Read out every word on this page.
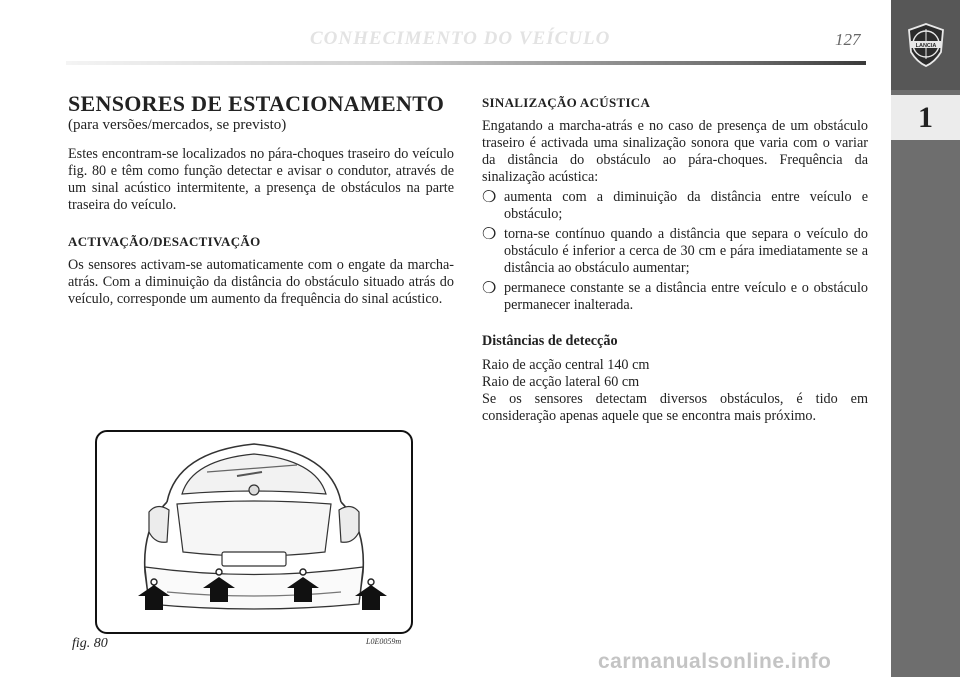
CONHECIMENTO DO VEÍCULO	127	LANCIA
1
SENSORES DE ESTACIONAMENTO
(para versões/mercados, se previsto)

Estes encontram-se localizados no pára-choques traseiro do veículo fig. 80 e têm como função detectar e avisar o condutor, através de um sinal acústico intermitente, a presença de obstáculos na parte traseira do veículo.

ACTIVAÇÃO/DESACTIVAÇÃO

Os sensores activam-se automaticamente com o engate da marcha-atrás. Com a diminuição da distância do obstáculo situado atrás do veículo, corresponde um aumento da frequência do sinal acústico.

SINALIZAÇÃO ACÚSTICA

Engatando a marcha-atrás e no caso de presença de um obstáculo traseiro é activada uma sinalização sonora que varia com o variar da distância do obstáculo ao pára-choques. Frequência da sinalização acústica:

❍ aumenta com a diminuição da distância entre veículo e obstáculo;
❍ torna-se contínuo quando a distância que separa o veículo do obstáculo é inferior a cerca de 30 cm e pára imediatamente se a distância ao obstáculo aumentar;
❍ permanece constante se a distância entre veículo e o obstáculo permanecer inalterada.
Distâncias de detecção

Raio de acção central 140 cm

Raio de acção lateral 60 cm

Se os sensores detectam diversos obstáculos, é tido em consideração apenas aquele que se encontra mais próximo.

fig. 80	L0E0059m
carmanualsonline.info
